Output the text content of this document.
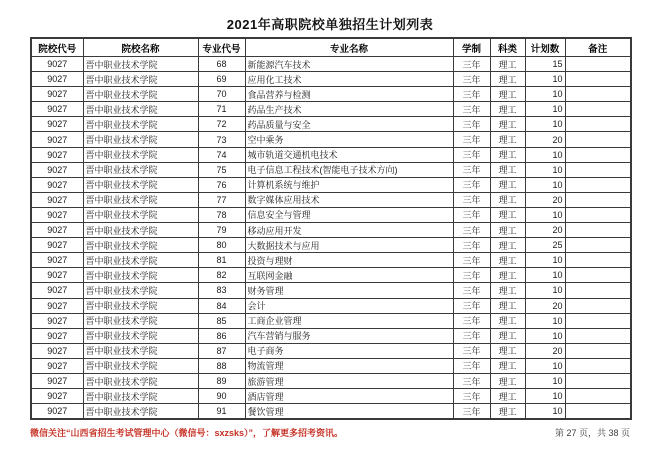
2021年高职院校单独招生计划列表
院校代号	院校名称	专业代号	专业名称	学制	科类	计划数	备注
9027	晋中职业技术学院	68	新能源汽车技术	三年	理工	15	
9027	晋中职业技术学院	69	应用化工技术	三年	理工	10	
9027	晋中职业技术学院	70	食品营养与检测	三年	理工	10	
9027	晋中职业技术学院	71	药品生产技术	三年	理工	10	
9027	晋中职业技术学院	72	药品质量与安全	三年	理工	10	
9027	晋中职业技术学院	73	空中乘务	三年	理工	20	
9027	晋中职业技术学院	74	城市轨道交通机电技术	三年	理工	10	
9027	晋中职业技术学院	75	电子信息工程技术(智能电子技术方向)	三年	理工	10	
9027	晋中职业技术学院	76	计算机系统与维护	三年	理工	10	
9027	晋中职业技术学院	77	数字媒体应用技术	三年	理工	20	
9027	晋中职业技术学院	78	信息安全与管理	三年	理工	10	
9027	晋中职业技术学院	79	移动应用开发	三年	理工	20	
9027	晋中职业技术学院	80	大数据技术与应用	三年	理工	25	
9027	晋中职业技术学院	81	投资与理财	三年	理工	10	
9027	晋中职业技术学院	82	互联网金融	三年	理工	10	
9027	晋中职业技术学院	83	财务管理	三年	理工	10	
9027	晋中职业技术学院	84	会计	三年	理工	20	
9027	晋中职业技术学院	85	工商企业管理	三年	理工	10	
9027	晋中职业技术学院	86	汽车营销与服务	三年	理工	10	
9027	晋中职业技术学院	87	电子商务	三年	理工	20	
9027	晋中职业技术学院	88	物流管理	三年	理工	10	
9027	晋中职业技术学院	89	旅游管理	三年	理工	10	
9027	晋中职业技术学院	90	酒店管理	三年	理工	10	
9027	晋中职业技术学院	91	餐饮管理	三年	理工	10	
微信关注“山西省招生考试管理中心（微信号：sxzsks）”，了解更多招考资讯。	第 27 页，共 38 页
